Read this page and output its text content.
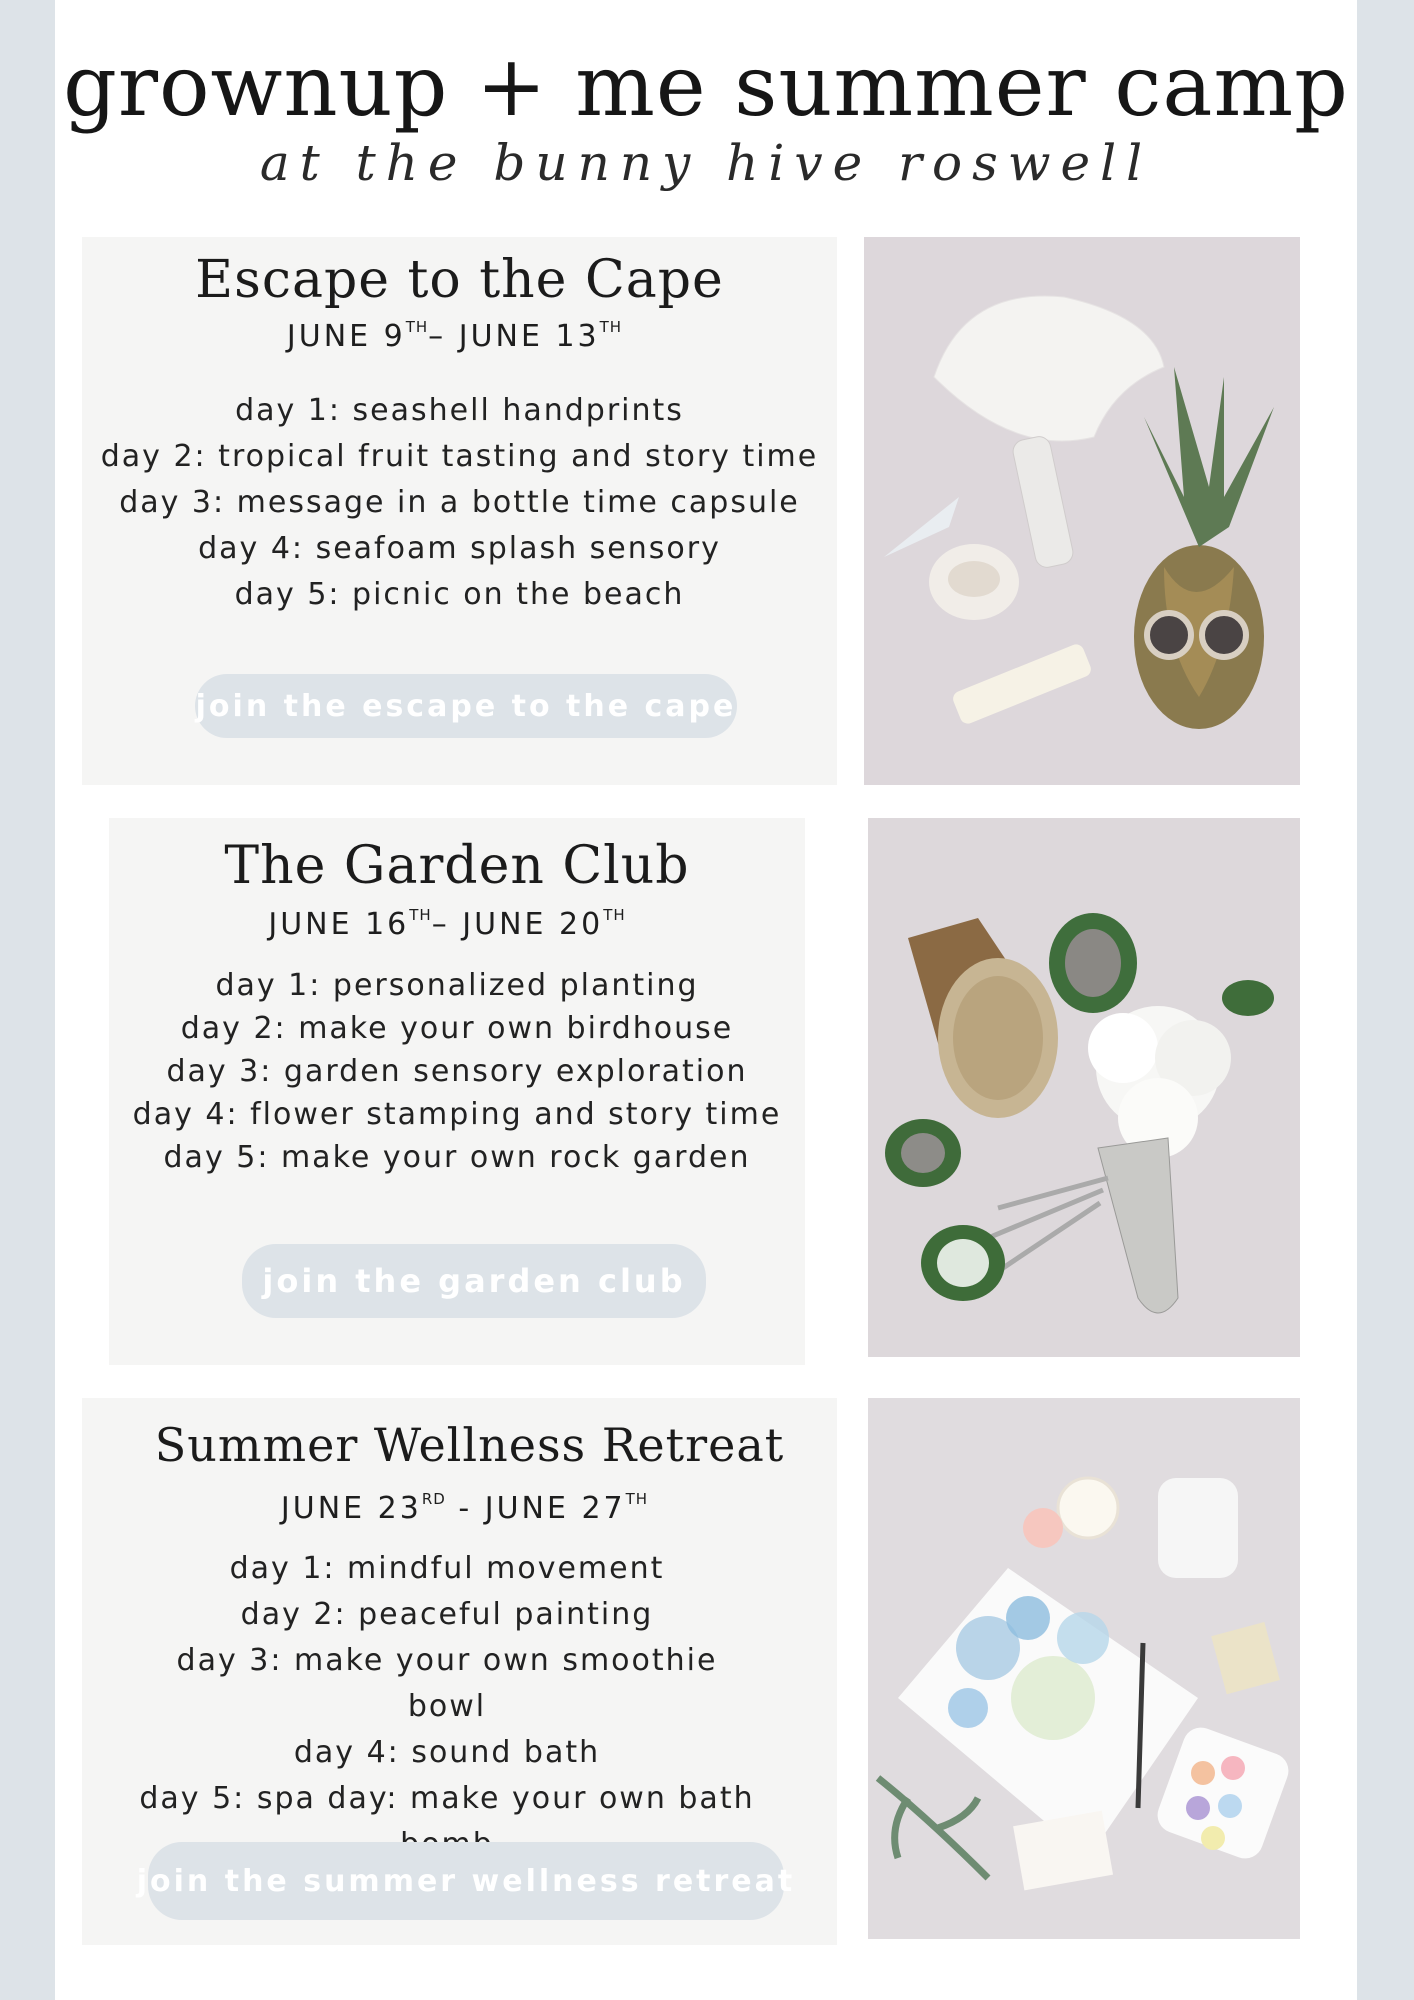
grownup + me summer camp
at the bunny hive roswell
Escape to the Cape
JUNE 9TH– JUNE 13TH
day 1: seashell handprints
day 2: tropical fruit tasting and story time
day 3: message in a bottle time capsule
day 4: seafoam splash sensory
day 5: picnic on the beach
join the escape to the cape
The Garden Club
JUNE 16TH– JUNE 20TH
day 1: personalized planting
day 2: make your own birdhouse
day 3: garden sensory exploration
day 4: flower stamping and story time
day 5: make your own rock garden
join the garden club
Summer Wellness Retreat
JUNE 23RD - JUNE 27TH
day 1: mindful movement
day 2: peaceful painting
day 3: make your own smoothie bowl
day 4: sound bath
day 5: spa day: make your own bath
join the summer wellness retreat
